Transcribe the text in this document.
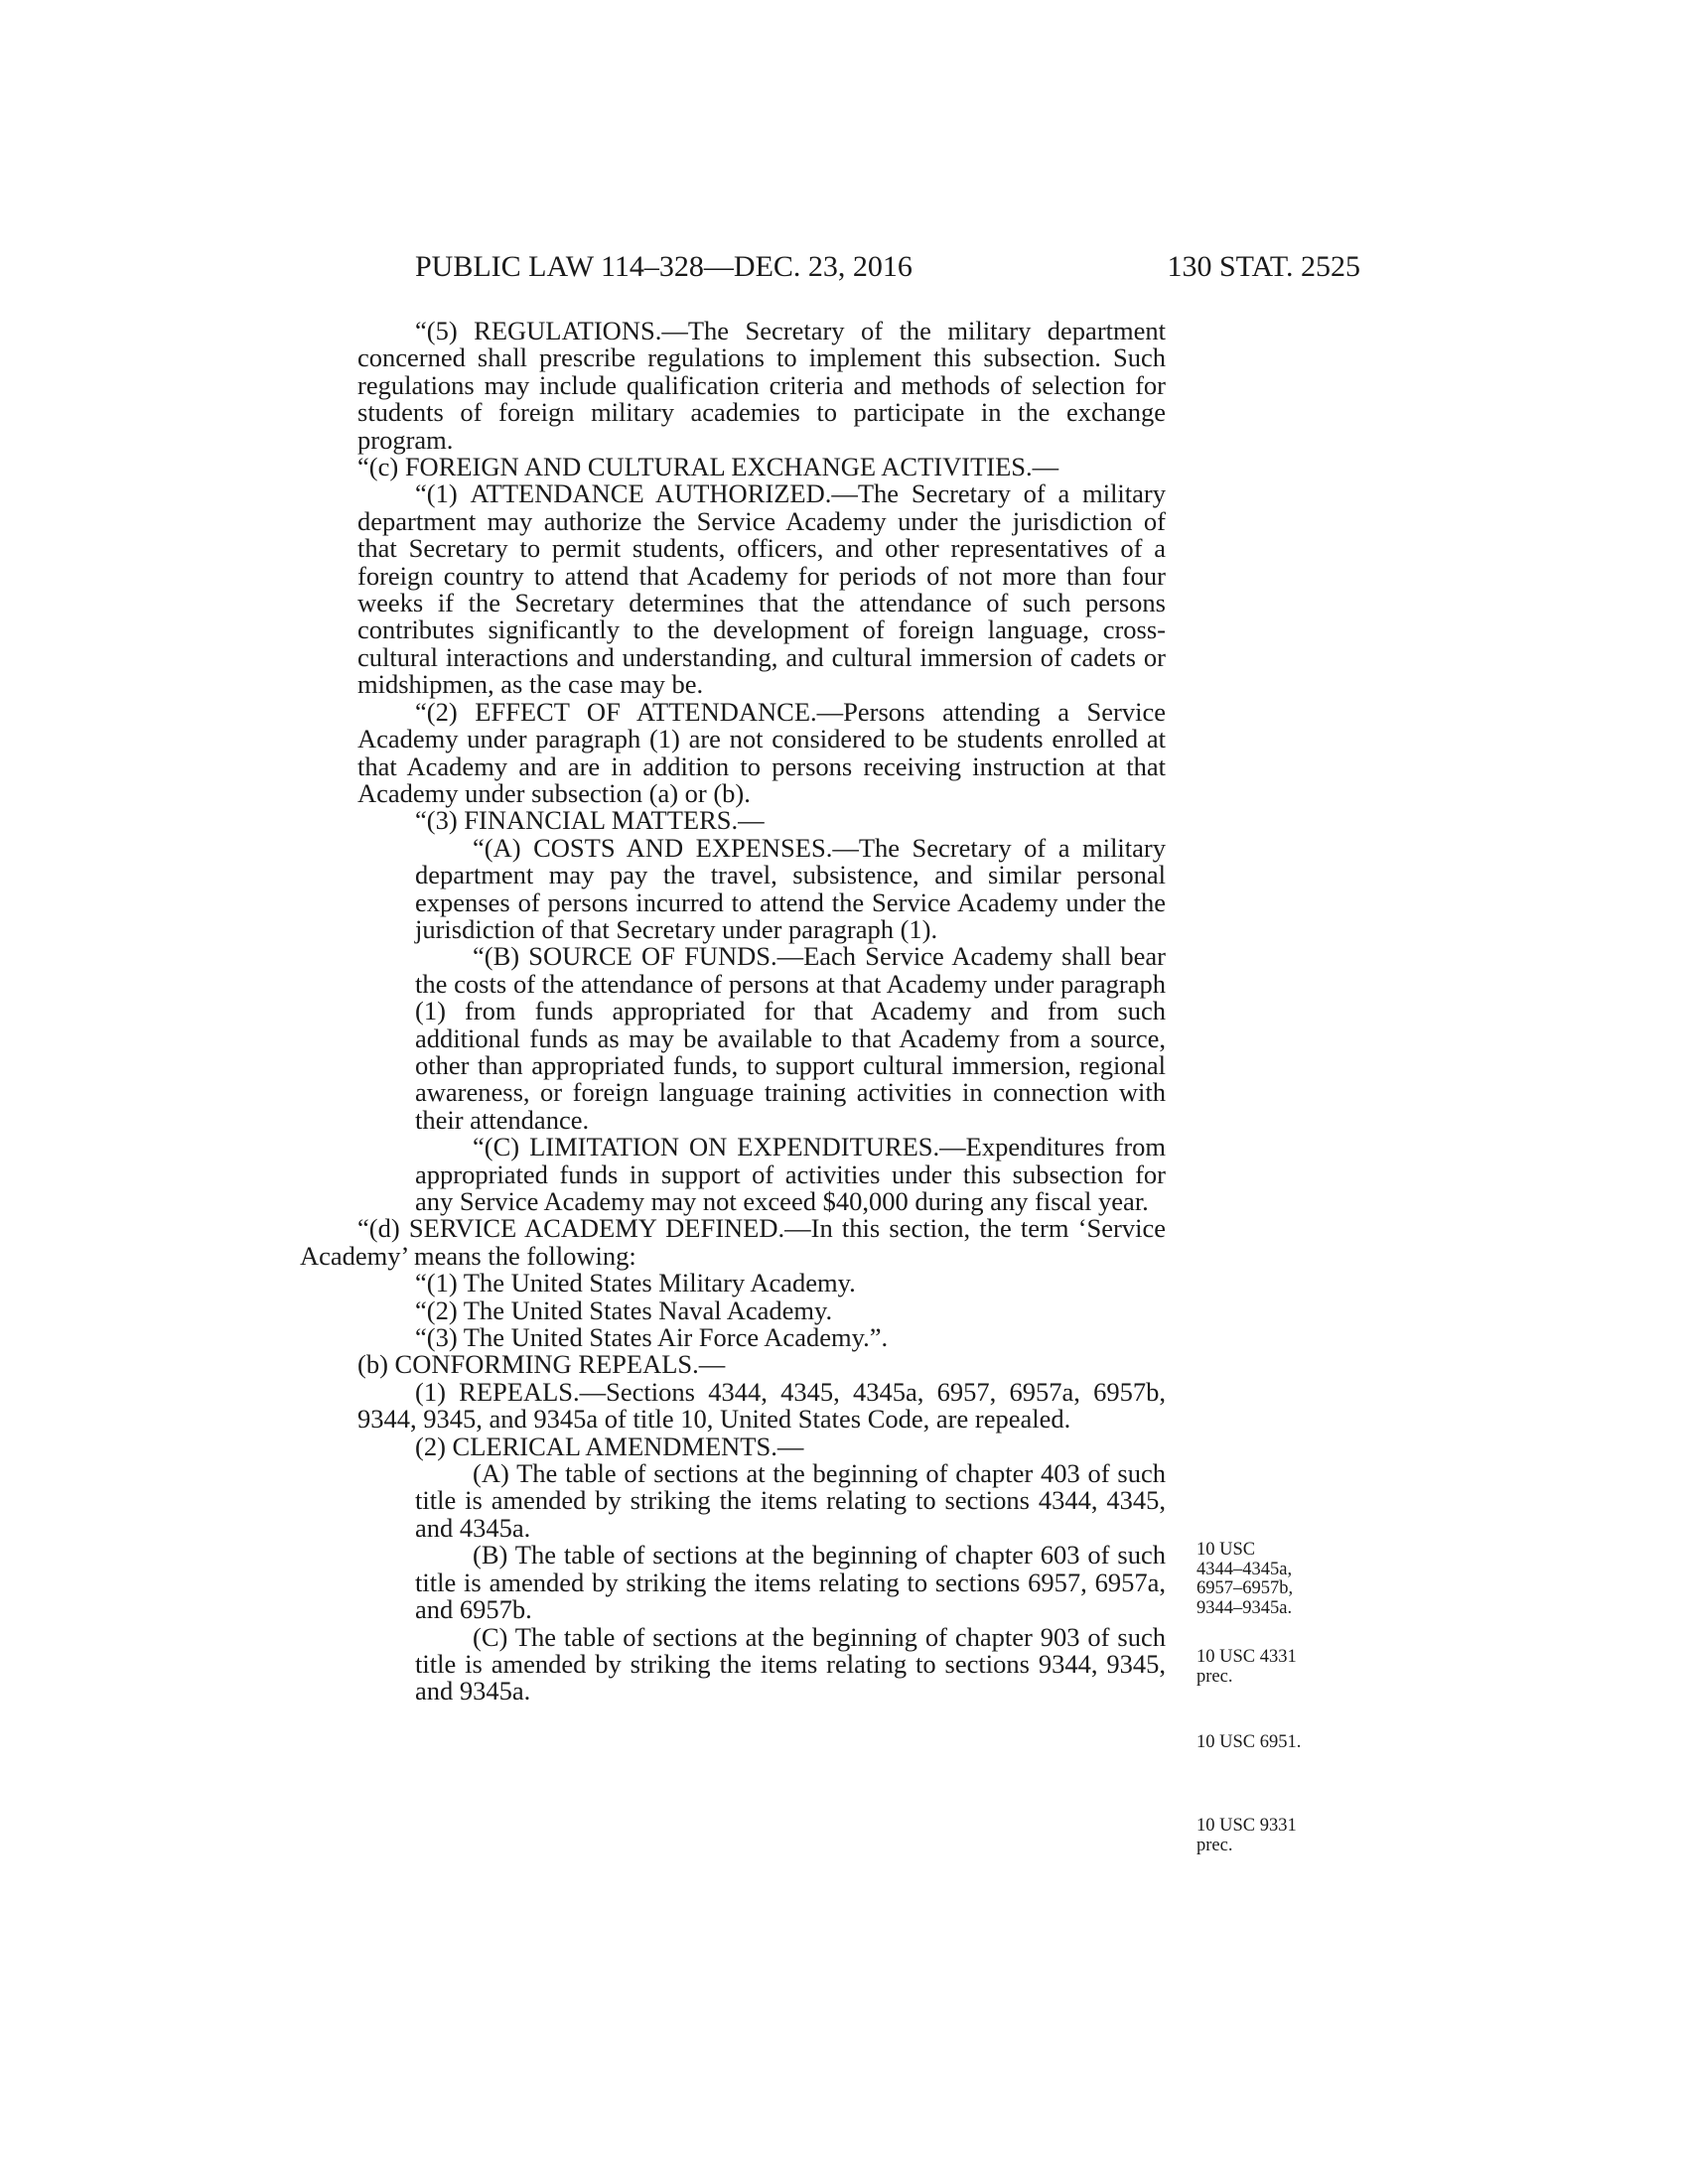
PUBLIC LAW 114–328—DEC. 23, 2016	130 STAT. 2525

“(5) REGULATIONS.—The Secretary of the military department concerned shall prescribe regulations to implement this subsection. Such regulations may include qualification criteria and methods of selection for students of foreign military academies to participate in the exchange program.

“(c) FOREIGN AND CULTURAL EXCHANGE ACTIVITIES.—

“(1) ATTENDANCE AUTHORIZED.—The Secretary of a military department may authorize the Service Academy under the jurisdiction of that Secretary to permit students, officers, and other representatives of a foreign country to attend that Academy for periods of not more than four weeks if the Secretary determines that the attendance of such persons contributes significantly to the development of foreign language, cross-cultural interactions and understanding, and cultural immersion of cadets or midshipmen, as the case may be.

“(2) EFFECT OF ATTENDANCE.—Persons attending a Service Academy under paragraph (1) are not considered to be students enrolled at that Academy and are in addition to persons receiving instruction at that Academy under subsection (a) or (b).

“(3) FINANCIAL MATTERS.—

“(A) COSTS AND EXPENSES.—The Secretary of a military department may pay the travel, subsistence, and similar personal expenses of persons incurred to attend the Service Academy under the jurisdiction of that Secretary under paragraph (1).

“(B) SOURCE OF FUNDS.—Each Service Academy shall bear the costs of the attendance of persons at that Academy under paragraph (1) from funds appropriated for that Academy and from such additional funds as may be available to that Academy from a source, other than appropriated funds, to support cultural immersion, regional awareness, or foreign language training activities in connection with their attendance.

“(C) LIMITATION ON EXPENDITURES.—Expenditures from appropriated funds in support of activities under this subsection for any Service Academy may not exceed $40,000 during any fiscal year.

“(d) SERVICE ACADEMY DEFINED.—In this section, the term ‘Service Academy’ means the following:

“(1) The United States Military Academy.

“(2) The United States Naval Academy.

“(3) The United States Air Force Academy.”.

(b) CONFORMING REPEALS.—

(1) REPEALS.—Sections 4344, 4345, 4345a, 6957, 6957a, 6957b, 9344, 9345, and 9345a of title 10, United States Code, are repealed.

(2) CLERICAL AMENDMENTS.—

(A) The table of sections at the beginning of chapter 403 of such title is amended by striking the items relating to sections 4344, 4345, and 4345a.

(B) The table of sections at the beginning of chapter 603 of such title is amended by striking the items relating to sections 6957, 6957a, and 6957b.

(C) The table of sections at the beginning of chapter 903 of such title is amended by striking the items relating to sections 9344, 9345, and 9345a.

10 USC
4344–4345a,
6957–6957b,
9344–9345a.
10 USC 4331
prec.
10 USC 6951.
10 USC 9331
prec.
